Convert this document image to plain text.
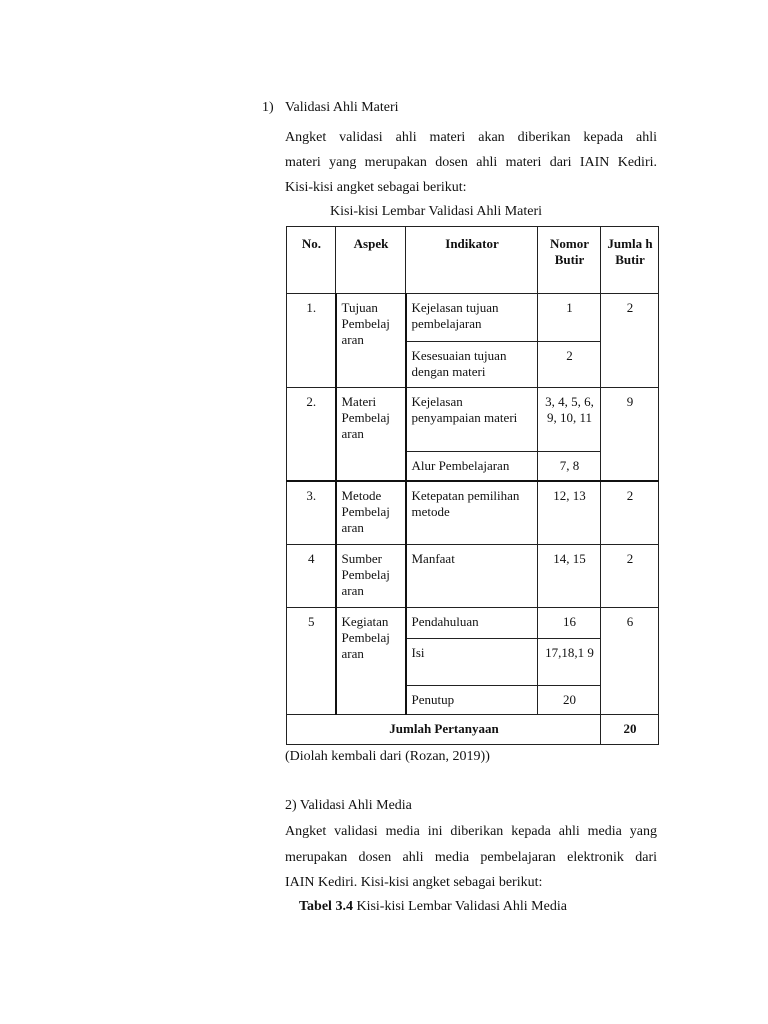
1) Validasi Ahli Materi
Angket validasi ahli materi akan diberikan kepada ahli
materi yang merupakan dosen ahli materi dari IAIN Kediri.
Kisi-kisi angket sebagai berikut:
Kisi-kisi Lembar Validasi Ahli Materi
No.	Aspek	Indikator	Nomor Butir	Jumla h Butir
1.	Tujuan Pembelaj aran	Kejelasan tujuan pembelajaran	1	2
		Kesesuaian tujuan dengan materi	2	
2.	Materi Pembelaj aran	Kejelasan penyampaian materi	3, 4, 5, 6, 9, 10, 11	9
		Alur Pembelajaran	7, 8	
3.	Metode Pembelaj aran	Ketepatan pemilihan metode	12, 13	2
4	Sumber Pembelaj aran	Manfaat	14, 15	2
5	Kegiatan Pembelaj aran	Pendahuluan	16	6
		Isi	17,18,1 9	
		Penutup	20	
Jumlah Pertanyaan				20
(Diolah kembali dari (Rozan, 2019))
2) Validasi Ahli Media
Angket validasi media ini diberikan kepada ahli media yang
merupakan dosen ahli media pembelajaran elektronik dari
IAIN Kediri. Kisi-kisi angket sebagai berikut:
Tabel 3.4 Kisi-kisi Lembar Validasi Ahli Media
